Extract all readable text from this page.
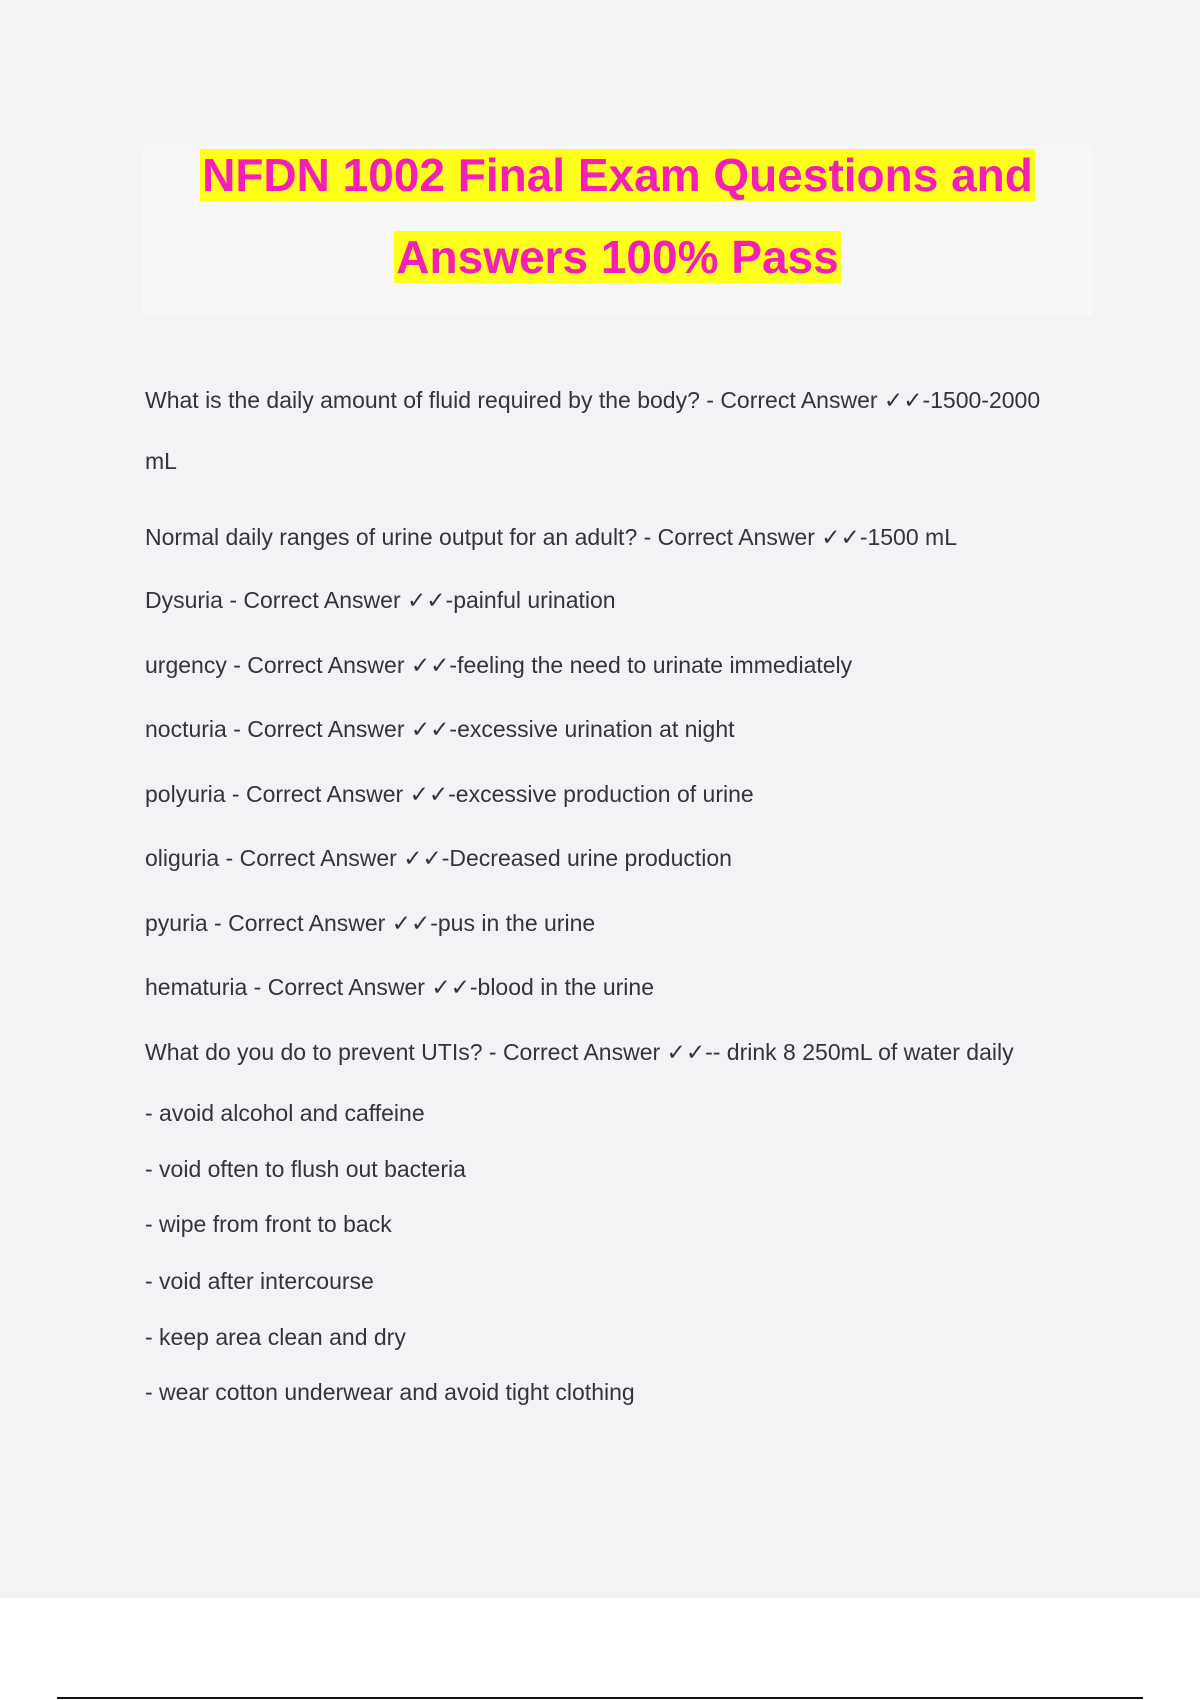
NFDN 1002 Final Exam Questions and
Answers 100% Pass
What is the daily amount of fluid required by the body? - Correct Answer ✓✓-1500-2000
mL
Normal daily ranges of urine output for an adult? - Correct Answer ✓✓-1500 mL
Dysuria - Correct Answer ✓✓-painful urination
urgency - Correct Answer ✓✓-feeling the need to urinate immediately
nocturia - Correct Answer ✓✓-excessive urination at night
polyuria - Correct Answer ✓✓-excessive production of urine
oliguria - Correct Answer ✓✓-Decreased urine production
pyuria - Correct Answer ✓✓-pus in the urine
hematuria - Correct Answer ✓✓-blood in the urine
What do you do to prevent UTIs? - Correct Answer ✓✓-- drink 8 250mL of water daily
- avoid alcohol and caffeine
- void often to flush out bacteria
- wipe from front to back
- void after intercourse
- keep area clean and dry
- wear cotton underwear and avoid tight clothing
